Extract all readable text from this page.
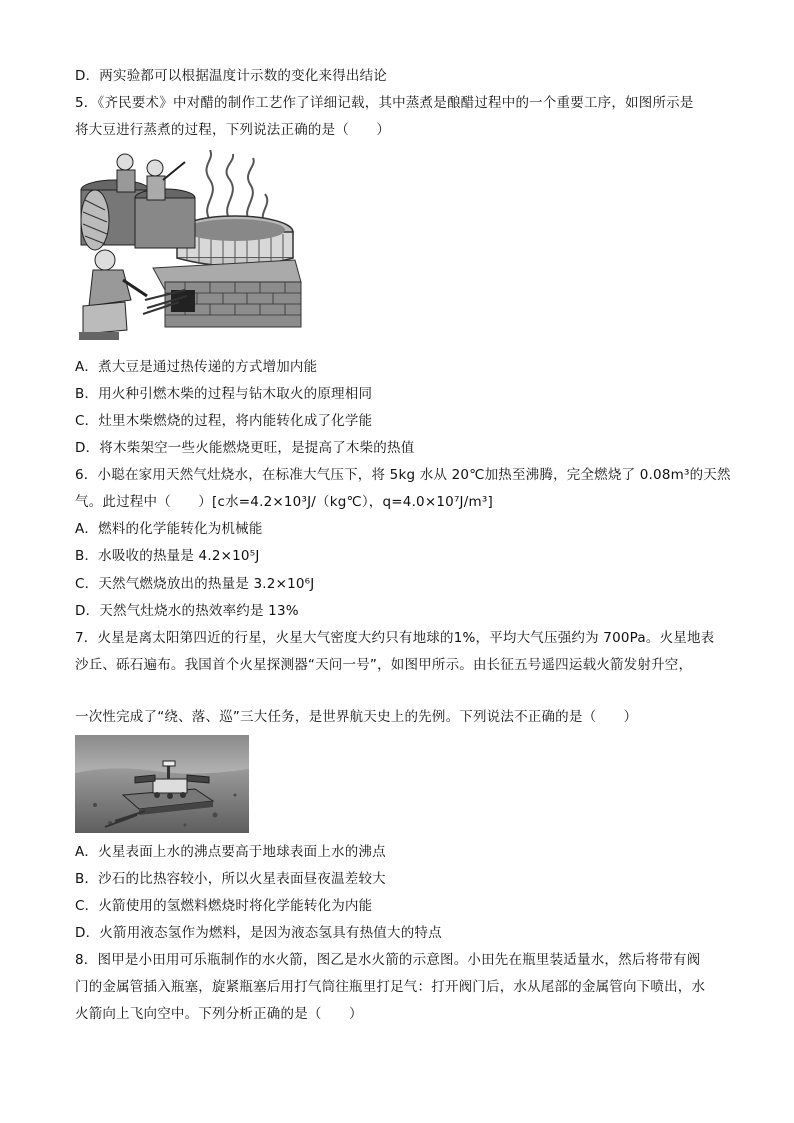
D．两实验都可以根据温度计示数的变化来得出结论
5．《齐民要术》中对醋的制作工艺作了详细记载，其中蒸煮是酿醋过程中的一个重要工序，如图所示是
将大豆进行蒸煮的过程，下列说法正确的是（　　）
A．煮大豆是通过热传递的方式增加内能
B．用火种引燃木柴的过程与钻木取火的原理相同
C．灶里木柴燃烧的过程，将内能转化成了化学能
D．将木柴架空一些火能燃烧更旺，是提高了木柴的热值
6．小聪在家用天然气灶烧水，在标准大气压下，将 5kg 水从 20℃加热至沸腾，完全燃烧了 0.08m³的天然
气。此过程中（　　）[c水=4.2×10³J/（kg℃），q=4.0×10⁷J/m³]
A．燃料的化学能转化为机械能
B．水吸收的热量是 4.2×10⁵J
C．天然气燃烧放出的热量是 3.2×10⁶J
D．天然气灶烧水的热效率约是 13%
7．火星是离太阳第四近的行星，火星大气密度大约只有地球的1%，平均大气压强约为 700Pa。火星地表
沙丘、砾石遍布。我国首个火星探测器“天问一号”，如图甲所示。由长征五号遥四运载火箭发射升空，
一次性完成了“绕、落、巡”三大任务，是世界航天史上的先例。下列说法不正确的是（　　）
A．火星表面上水的沸点要高于地球表面上水的沸点
B．沙石的比热容较小，所以火星表面昼夜温差较大
C．火箭使用的氢燃料燃烧时将化学能转化为内能
D．火箭用液态氢作为燃料，是因为液态氢具有热值大的特点
8．图甲是小田用可乐瓶制作的水火箭，图乙是水火箭的示意图。小田先在瓶里装适量水，然后将带有阀
门的金属管插入瓶塞，旋紧瓶塞后用打气筒往瓶里打足气：打开阀门后，水从尾部的金属管向下喷出，水
火箭向上飞向空中。下列分析正确的是（　　）
